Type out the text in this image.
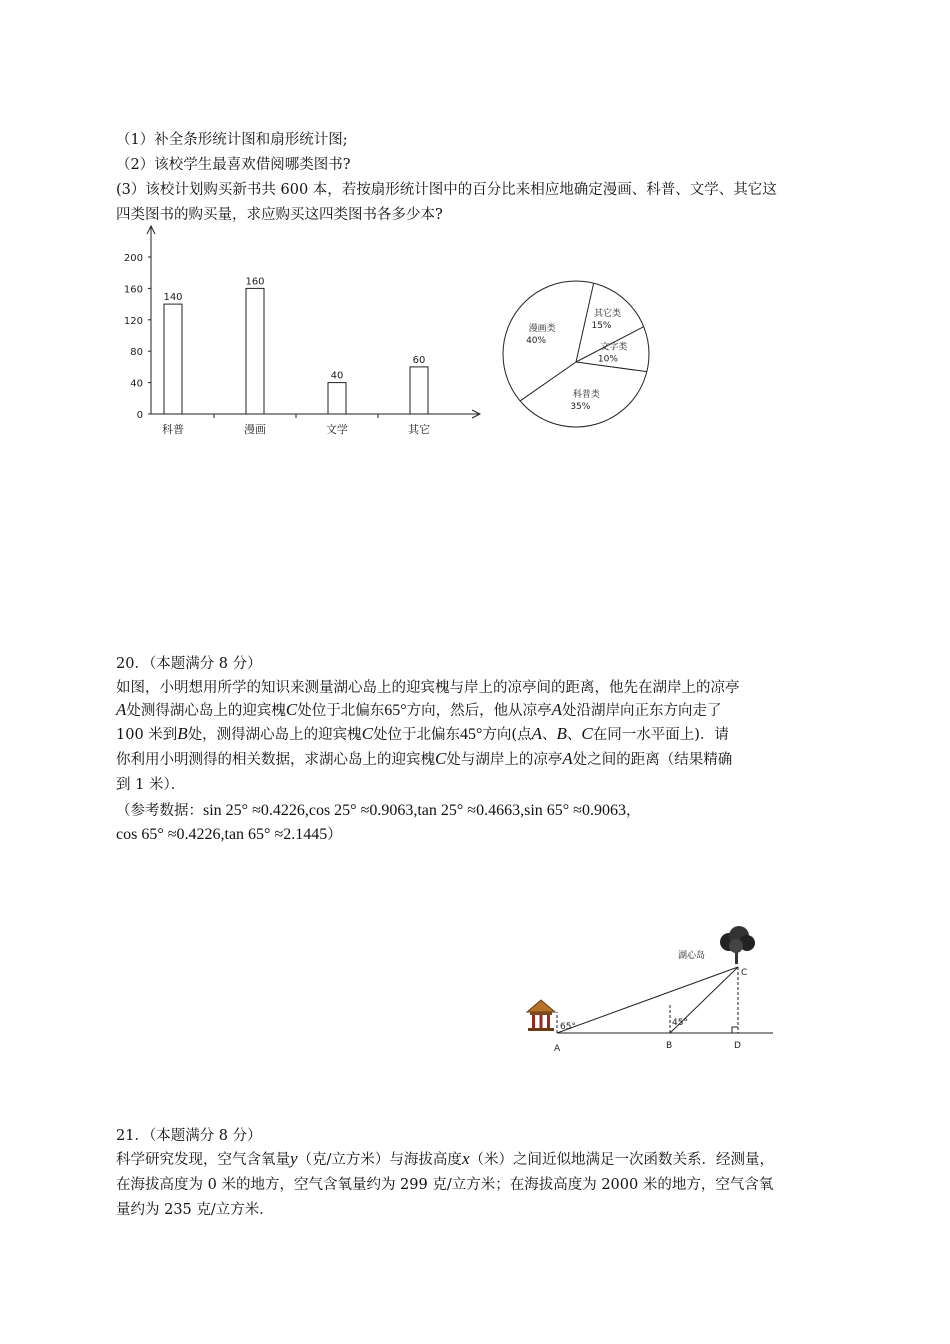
（1）补全条形统计图和扇形统计图;
（2）该校学生最喜欢借阅哪类图书?
(3）该校计划购买新书共 600 本，若按扇形统计图中的百分比来相应地确定漫画、科普、文学、其它这
四类图书的购买量，求应购买这四类图书各多少本?
0
40
80
120
160
200
140
科普
160
漫画
40
文学
60
其它
漫画类
40%
其它类
15%
文字类
10%
科普类
35%
20．（本题满分 8 分）
如图，小明想用所学的知识来测量湖心岛上的迎宾槐与岸上的凉亭间的距离，他先在湖岸上的凉亭
A处测得湖心岛上的迎宾槐C处位于北偏东65°方向，然后，他从凉亭A处沿湖岸向正东方向走了
100 米到B处，测得湖心岛上的迎宾槐C处位于北偏东45°方向(点A、B、C在同一水平面上)．请
你利用小明测得的相关数据，求湖心岛上的迎宾槐C处与湖岸上的凉亭A处之间的距离（结果精确
到 1 米）．
（参考数据：sin 25° ≈0.4226,cos 25° ≈0.9063,tan 25° ≈0.4663,sin 65° ≈0.9063，
cos 65° ≈0.4226,tan 65° ≈2.1445）
湖心岛
65°	45°
A	B
C
D
21．（本题满分 8 分）
科学研究发现，空气含氧量y（克/立方米）与海拔高度x（米）之间近似地满足一次函数关系．经测量，
在海拔高度为 0 米的地方，空气含氧量约为 299 克/立方米；在海拔高度为 2000 米的地方，空气含氧
量约为 235 克/立方米．
